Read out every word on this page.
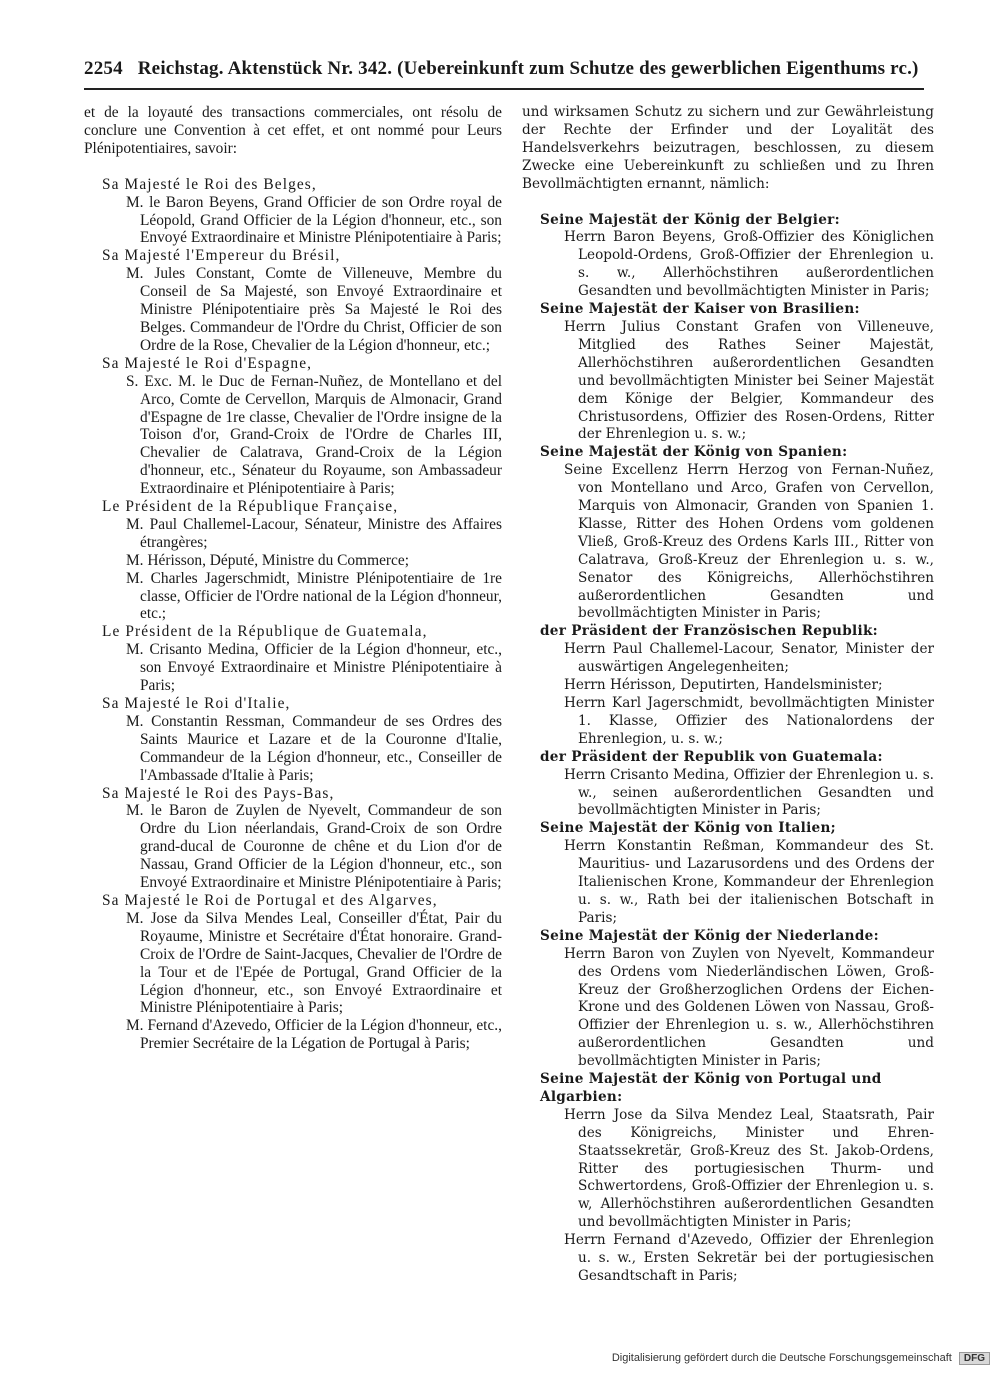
2254 Reichstag. Aktenstück Nr. 342. (Uebereinkunft zum Schutze des gewerblichen Eigenthums rc.)

et de la loyauté des transactions commerciales, ont résolu de conclure une Convention à cet effet, et ont nommé pour Leurs Plénipotentiaires, savoir:

Sa Majesté le Roi des Belges,

M. le Baron Beyens, Grand Officier de son Ordre royal de Léopold, Grand Officier de la Légion d'honneur, etc., son Envoyé Extraordinaire et Ministre Plénipotentiaire à Paris;

Sa Majesté l'Empereur du Brésil,

M. Jules Constant, Comte de Villeneuve, Membre du Conseil de Sa Majesté, son Envoyé Extraordinaire et Ministre Plénipotentiaire près Sa Majesté le Roi des Belges. Commandeur de l'Ordre du Christ, Officier de son Ordre de la Rose, Chevalier de la Légion d'honneur, etc.;

Sa Majesté le Roi d'Espagne,

S. Exc. M. le Duc de Fernan-Nuñez, de Montellano et del Arco, Comte de Cervellon, Marquis de Almonacir, Grand d'Espagne de 1re classe, Chevalier de l'Ordre insigne de la Toison d'or, Grand-Croix de l'Ordre de Charles III, Chevalier de Calatrava, Grand-Croix de la Légion d'honneur, etc., Sénateur du Royaume, son Ambassadeur Extraordinaire et Plénipotentiaire à Paris;

Le Président de la République Française,

M. Paul Challemel-Lacour, Sénateur, Ministre des Affaires étrangères;

M. Hérisson, Député, Ministre du Commerce;

M. Charles Jagerschmidt, Ministre Plénipotentiaire de 1re classe, Officier de l'Ordre national de la Légion d'honneur, etc.;

Le Président de la République de Guatemala,

M. Crisanto Medina, Officier de la Légion d'honneur, etc., son Envoyé Extraordinaire et Ministre Plénipotentiaire à Paris;

Sa Majesté le Roi d'Italie,

M. Constantin Ressman, Commandeur de ses Ordres des Saints Maurice et Lazare et de la Couronne d'Italie, Commandeur de la Légion d'honneur, etc., Conseiller de l'Ambassade d'Italie à Paris;

Sa Majesté le Roi des Pays-Bas,

M. le Baron de Zuylen de Nyevelt, Commandeur de son Ordre du Lion néerlandais, Grand-Croix de son Ordre grand-ducal de Couronne de chêne et du Lion d'or de Nassau, Grand Officier de la Légion d'honneur, etc., son Envoyé Extraordinaire et Ministre Plénipotentiaire à Paris;

Sa Majesté le Roi de Portugal et des Algarves,

M. Jose da Silva Mendes Leal, Conseiller d'État, Pair du Royaume, Ministre et Secrétaire d'État honoraire. Grand-Croix de l'Ordre de Saint-Jacques, Chevalier de l'Ordre de la Tour et de l'Epée de Portugal, Grand Officier de la Légion d'honneur, etc., son Envoyé Extraordinaire et Ministre Plénipotentiaire à Paris;

M. Fernand d'Azevedo, Officier de la Légion d'honneur, etc., Premier Secrétaire de la Légation de Portugal à Paris;

und wirksamen Schutz zu sichern und zur Gewährleistung der Rechte der Erfinder und der Loyalität des Handelsverkehrs beizutragen, beschlossen, zu diesem Zwecke eine Uebereinkunft zu schließen und zu Ihren Bevollmächtigten ernannt, nämlich:

Seine Majestät der König der Belgier:

Herrn Baron Beyens, Groß-Offizier des Königlichen Leopold-Ordens, Groß-Offizier der Ehrenlegion u. s. w., Allerhöchstihren außerordentlichen Gesandten und bevollmächtigten Minister in Paris;

Seine Majestät der Kaiser von Brasilien:

Herrn Julius Constant Grafen von Villeneuve, Mitglied des Rathes Seiner Majestät, Allerhöchstihren außerordentlichen Gesandten und bevollmächtigten Minister bei Seiner Majestät dem Könige der Belgier, Kommandeur des Christusordens, Offizier des Rosen-Ordens, Ritter der Ehrenlegion u. s. w.;

Seine Majestät der König von Spanien:

Seine Excellenz Herrn Herzog von Fernan-Nuñez, von Montellano und Arco, Grafen von Cervellon, Marquis von Almonacir, Granden von Spanien 1. Klasse, Ritter des Hohen Ordens vom goldenen Vließ, Groß-Kreuz des Ordens Karls III., Ritter von Calatrava, Groß-Kreuz der Ehrenlegion u. s. w., Senator des Königreichs, Allerhöchstihren außerordentlichen Gesandten und bevollmächtigten Minister in Paris;

der Präsident der Französischen Republik:

Herrn Paul Challemel-Lacour, Senator, Minister der auswärtigen Angelegenheiten;

Herrn Hérisson, Deputirten, Handelsminister;

Herrn Karl Jagerschmidt, bevollmächtigten Minister 1. Klasse, Offizier des Nationalordens der Ehrenlegion, u. s. w.;

der Präsident der Republik von Guatemala:

Herrn Crisanto Medina, Offizier der Ehrenlegion u. s. w., seinen außerordentlichen Gesandten und bevollmächtigten Minister in Paris;

Seine Majestät der König von Italien;

Herrn Konstantin Reßman, Kommandeur des St. Mauritius- und Lazarusordens und des Ordens der Italienischen Krone, Kommandeur der Ehrenlegion u. s. w., Rath bei der italienischen Botschaft in Paris;

Seine Majestät der König der Niederlande:

Herrn Baron von Zuylen von Nyevelt, Kommandeur des Ordens vom Niederländischen Löwen, Groß-Kreuz der Großherzoglichen Ordens der Eichen-Krone und des Goldenen Löwen von Nassau, Groß-Offizier der Ehrenlegion u. s. w., Allerhöchstihren außerordentlichen Gesandten und bevollmächtigten Minister in Paris;

Seine Majestät der König von Portugal und Algarbien:

Herrn Jose da Silva Mendez Leal, Staatsrath, Pair des Königreichs, Minister und Ehren-Staatssekretär, Groß-Kreuz des St. Jakob-Ordens, Ritter des portugiesischen Thurm- und Schwertordens, Groß-Offizier der Ehrenlegion u. s. w, Allerhöchstihren außerordentlichen Gesandten und bevollmächtigten Minister in Paris;

Herrn Fernand d'Azevedo, Offizier der Ehrenlegion u. s. w., Ersten Sekretär bei der portugiesischen Gesandtschaft in Paris;

Digitalisierung gefördert durch die Deutsche Forschungsgemeinschaft DFG
